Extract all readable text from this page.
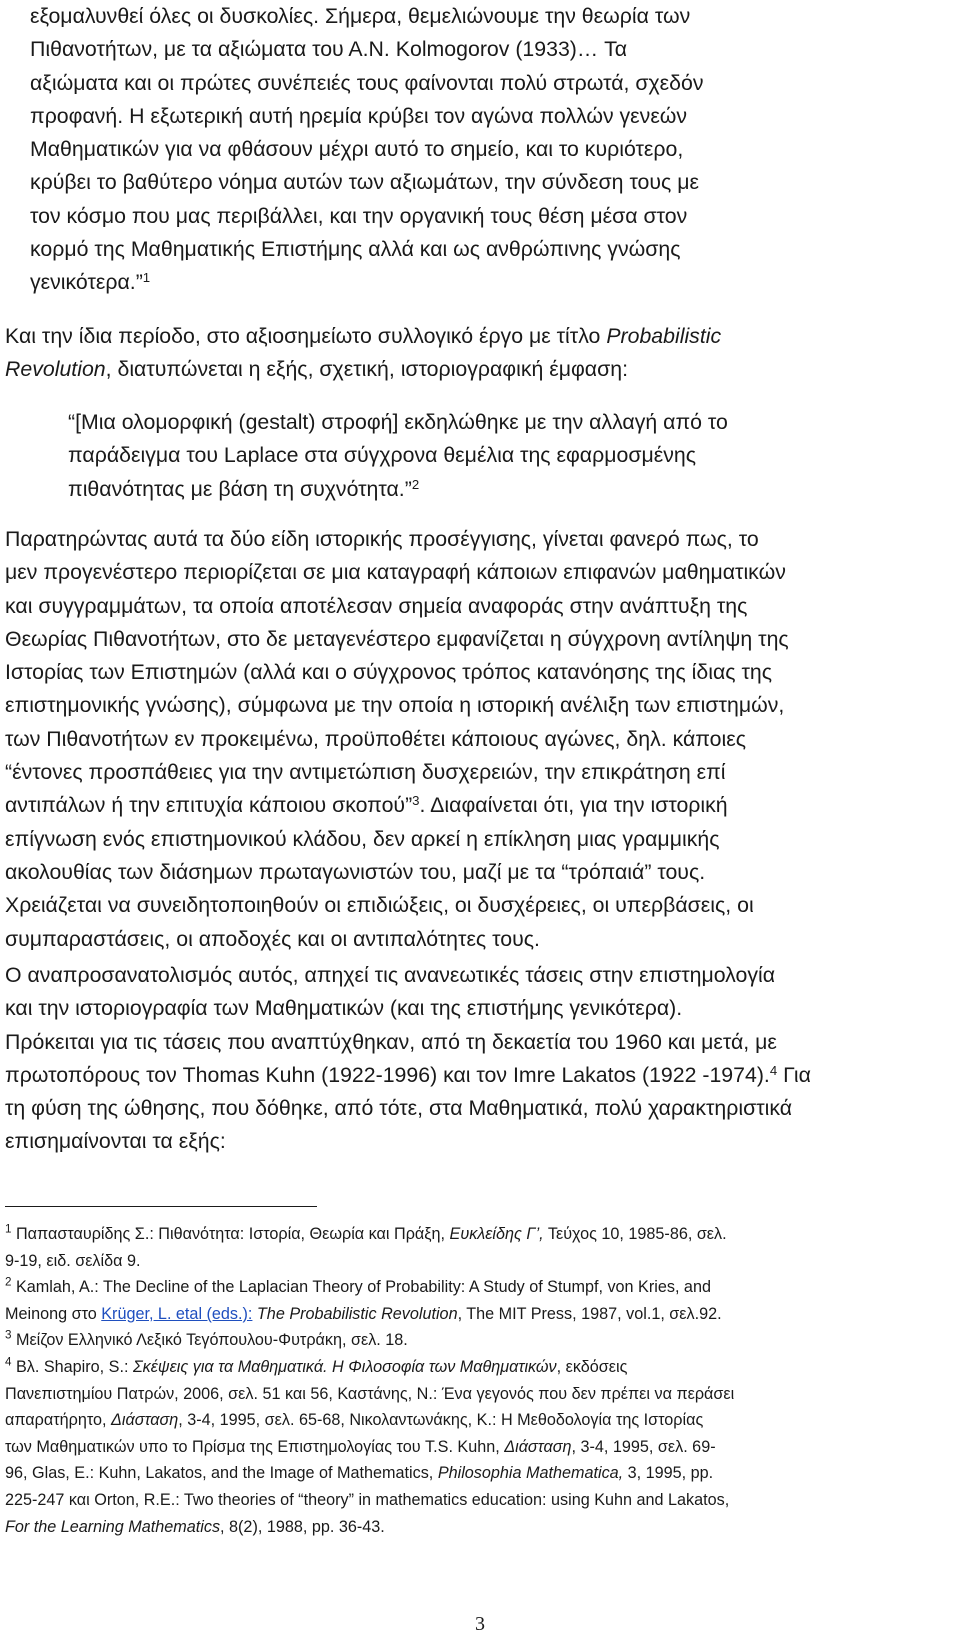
εξομαλυνθεί όλες οι δυσκολίες. Σήμερα, θεμελιώνουμε την θεωρία των
Πιθανοτήτων, με τα αξιώματα του Α.Ν. Kolmogorov (1933)… Τα
αξιώματα και οι πρώτες συνέπειές τους φαίνονται πολύ στρωτά, σχεδόν
προφανή. Η εξωτερική αυτή ηρεμία κρύβει τον αγώνα πολλών γενεών
Μαθηματικών για να φθάσουν μέχρι αυτό το σημείο, και το κυριότερο,
κρύβει το βαθύτερο νόημα αυτών των αξιωμάτων, την σύνδεση τους με
τον κόσμο που μας περιβάλλει, και την οργανική τους θέση μέσα στον
κορμό της Μαθηματικής Επιστήμης αλλά και ως ανθρώπινης γνώσης
γενικότερα.”$^1$
Και την ίδια περίοδο, στο αξιοσημείωτο συλλογικό έργο με τίτλο Probabilistic
Revolution, διατυπώνεται η εξής, σχετική, ιστοριογραφική έμφαση:
“[Μια ολομορφική (gestalt) στροφή] εκδηλώθηκε με την αλλαγή από το
παράδειγμα του Laplace στα σύγχρονα θεμέλια της εφαρμοσμένης
πιθανότητας με βάση τη συχνότητα.”$^2$
Παρατηρώντας αυτά τα δύο είδη ιστορικής προσέγγισης, γίνεται φανερό πως, το
μεν προγενέστερο περιορίζεται σε μια καταγραφή κάποιων επιφανών μαθηματικών
και συγγραμμάτων, τα οποία αποτέλεσαν σημεία αναφοράς στην ανάπτυξη της
Θεωρίας Πιθανοτήτων, στο δε μεταγενέστερο εμφανίζεται η σύγχρονη αντίληψη της
Ιστορίας των Επιστημών (αλλά και ο σύγχρονος τρόπος κατανόησης της ίδιας της
επιστημονικής γνώσης), σύμφωνα με την οποία η ιστορική ανέλιξη των επιστημών,
των Πιθανοτήτων εν προκειμένω, προϋποθέτει κάποιους αγώνες, δηλ. κάποιες
“έντονες προσπάθειες για την αντιμετώπιση δυσχερειών, την επικράτηση επί
αντιπάλων ή την επιτυχία κάποιου σκοπού”$^3$. Διαφαίνεται ότι, για την ιστορική
επίγνωση ενός επιστημονικού κλάδου, δεν αρκεί η επίκληση μιας γραμμικής
ακολουθίας των διάσημων πρωταγωνιστών του, μαζί με τα “τρόπαιά” τους.
Χρειάζεται να συνειδητοποιηθούν οι επιδιώξεις, οι δυσχέρειες, οι υπερβάσεις, οι
συμπαραστάσεις, οι αποδοχές και οι αντιπαλότητες τους.
Ο αναπροσανατολισμός αυτός, απηχεί τις ανανεωτικές τάσεις στην επιστημολογία
και την ιστοριογραφία των Μαθηματικών (και της επιστήμης γενικότερα).
Πρόκειται για τις τάσεις που αναπτύχθηκαν, από τη δεκαετία του 1960 και μετά, με
πρωτοπόρους τον Thomas Kuhn (1922-1996) και τον Imre Lakatos (1922 -1974).$^4$ Για
τη φύση της ώθησης, που δόθηκε, από τότε, στα Μαθηματικά, πολύ χαρακτηριστικά
επισημαίνονται τα εξής:
$^1$ Παπασταυρίδης Σ.: Πιθανότητα: Ιστορία, Θεωρία και Πράξη, Ευκλείδης Γ’, Τεύχος 10, 1985-86, σελ.
9-19, ειδ. σελίδα 9.
$^2$ Kamlah, A.: The Decline of the Laplacian Theory of Probability: A Study of Stumpf, von Kries, and
Meinong στο Krüger, L. etal (eds.): The Probabilistic Revolution, The MIT Press, 1987, vol.1, σελ.92.
$^3$ Μείζον Ελληνικό Λεξικό Τεγόπουλου-Φυτράκη, σελ. 18.
$^4$ Βλ. Shapiro, S.: Σκέψεις για τα Μαθηματικά. Η Φιλοσοφία των Μαθηματικών, εκδόσεις
Πανεπιστημίου Πατρών, 2006, σελ. 51 και 56, Καστάνης, Ν.: Ένα γεγονός που δεν πρέπει να περάσει
απαρατήρητο, Διάσταση, 3-4, 1995, σελ. 65-68, Νικολαντωνάκης, Κ.: Η Μεθοδολογία της Ιστορίας
των Μαθηματικών υπο το Πρίσμα της Επιστημολογίας του T.S. Kuhn, Διάσταση, 3-4, 1995, σελ. 69-
96, Glas, E.: Kuhn, Lakatos, and the Image of Mathematics, Philosophia Mathematica, 3, 1995, pp.
225-247 και Orton, R.E.: Two theories of “theory” in mathematics education: using Kuhn and Lakatos,
For the Learning Mathematics, 8(2), 1988, pp. 36-43.
3
